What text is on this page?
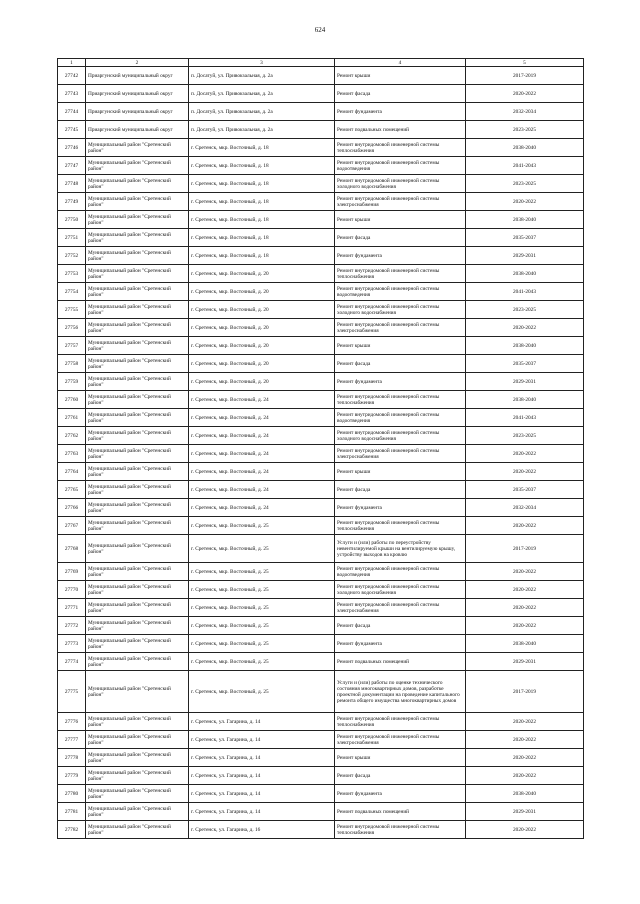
624
1	2	3	4	5
27742	Приаргунский муниципальный округ	п. Досатуй, ул. Привокзальная, д. 2а	Ремонт крыши	2017-2019
27743	Приаргунский муниципальный округ	п. Досатуй, ул. Привокзальная, д. 2а	Ремонт фасада	2020-2022
27744	Приаргунский муниципальный округ	п. Досатуй, ул. Привокзальная, д. 2а	Ремонт фундамента	2032-2034
27745	Приаргунский муниципальный округ	п. Досатуй, ул. Привокзальная, д. 2а	Ремонт подвальных помещений	2023-2025
27746	Муниципальный район "Сретенский район"	г. Сретенск, мкр. Восточный, д. 18	Ремонт внутридомовой инженерной системы теплоснабжения	2038-2040
27747	Муниципальный район "Сретенский район"	г. Сретенск, мкр. Восточный, д. 18	Ремонт внутридомовой инженерной системы водоотведения	2041-2043
27748	Муниципальный район "Сретенский район"	г. Сретенск, мкр. Восточный, д. 18	Ремонт внутридомовой инженерной системы холодного водоснабжения	2023-2025
27749	Муниципальный район "Сретенский район"	г. Сретенск, мкр. Восточный, д. 18	Ремонт внутридомовой инженерной системы электроснабжения	2020-2022
27750	Муниципальный район "Сретенский район"	г. Сретенск, мкр. Восточный, д. 18	Ремонт крыши	2038-2040
27751	Муниципальный район "Сретенский район"	г. Сретенск, мкр. Восточный, д. 18	Ремонт фасада	2035-2037
27752	Муниципальный район "Сретенский район"	г. Сретенск, мкр. Восточный, д. 18	Ремонт фундамента	2029-2031
27753	Муниципальный район "Сретенский район"	г. Сретенск, мкр. Восточный, д. 20	Ремонт внутридомовой инженерной системы теплоснабжения	2038-2040
27754	Муниципальный район "Сретенский район"	г. Сретенск, мкр. Восточный, д. 20	Ремонт внутридомовой инженерной системы водоотведения	2041-2043
27755	Муниципальный район "Сретенский район"	г. Сретенск, мкр. Восточный, д. 20	Ремонт внутридомовой инженерной системы холодного водоснабжения	2023-2025
27756	Муниципальный район "Сретенский район"	г. Сретенск, мкр. Восточный, д. 20	Ремонт внутридомовой инженерной системы электроснабжения	2020-2022
27757	Муниципальный район "Сретенский район"	г. Сретенск, мкр. Восточный, д. 20	Ремонт крыши	2038-2040
27758	Муниципальный район "Сретенский район"	г. Сретенск, мкр. Восточный, д. 20	Ремонт фасада	2035-2037
27759	Муниципальный район "Сретенский район"	г. Сретенск, мкр. Восточный, д. 20	Ремонт фундамента	2029-2031
27760	Муниципальный район "Сретенский район"	г. Сретенск, мкр. Восточный, д. 24	Ремонт внутридомовой инженерной системы теплоснабжения	2038-2040
27761	Муниципальный район "Сретенский район"	г. Сретенск, мкр. Восточный, д. 24	Ремонт внутридомовой инженерной системы водоотведения	2041-2043
27762	Муниципальный район "Сретенский район"	г. Сретенск, мкр. Восточный, д. 24	Ремонт внутридомовой инженерной системы холодного водоснабжения	2023-2025
27763	Муниципальный район "Сретенский район"	г. Сретенск, мкр. Восточный, д. 24	Ремонт внутридомовой инженерной системы электроснабжения	2020-2022
27764	Муниципальный район "Сретенский район"	г. Сретенск, мкр. Восточный, д. 24	Ремонт крыши	2020-2022
27765	Муниципальный район "Сретенский район"	г. Сретенск, мкр. Восточный, д. 24	Ремонт фасада	2035-2037
27766	Муниципальный район "Сретенский район"	г. Сретенск, мкр. Восточный, д. 24	Ремонт фундамента	2032-2034
27767	Муниципальный район "Сретенский район"	г. Сретенск, мкр. Восточный, д. 25	Ремонт внутридомовой инженерной системы теплоснабжения	2020-2022
27768	Муниципальный район "Сретенский район"	г. Сретенск, мкр. Восточный, д. 25	Услуги и (или) работы по переустройству невентилируемой крыши на вентилируемую крышу, устройству выходов на кровлю	2017-2019
27769	Муниципальный район "Сретенский район"	г. Сретенск, мкр. Восточный, д. 25	Ремонт внутридомовой инженерной системы водоотведения	2020-2022
27770	Муниципальный район "Сретенский район"	г. Сретенск, мкр. Восточный, д. 25	Ремонт внутридомовой инженерной системы холодного водоснабжения	2020-2022
27771	Муниципальный район "Сретенский район"	г. Сретенск, мкр. Восточный, д. 25	Ремонт внутридомовой инженерной системы электроснабжения	2020-2022
27772	Муниципальный район "Сретенский район"	г. Сретенск, мкр. Восточный, д. 25	Ремонт фасада	2020-2022
27773	Муниципальный район "Сретенский район"	г. Сретенск, мкр. Восточный, д. 25	Ремонт фундамента	2038-2040
27774	Муниципальный район "Сретенский район"	г. Сретенск, мкр. Восточный, д. 25	Ремонт подвальных помещений	2029-2031
27775	Муниципальный район "Сретенский район"	г. Сретенск, мкр. Восточный, д. 25	Услуги и (или) работы по оценке технического состояния многоквартирных домов, разработке проектной документации на проведение капитального ремонта общего имущества многоквартирных домов	2017-2019
27776	Муниципальный район "Сретенский район"	г. Сретенск, ул. Гагарина, д. 14	Ремонт внутридомовой инженерной системы теплоснабжения	2020-2022
27777	Муниципальный район "Сретенский район"	г. Сретенск, ул. Гагарина, д. 14	Ремонт внутридомовой инженерной системы электроснабжения	2020-2022
27778	Муниципальный район "Сретенский район"	г. Сретенск, ул. Гагарина, д. 14	Ремонт крыши	2020-2022
27779	Муниципальный район "Сретенский район"	г. Сретенск, ул. Гагарина, д. 14	Ремонт фасада	2020-2022
27780	Муниципальный район "Сретенский район"	г. Сретенск, ул. Гагарина, д. 14	Ремонт фундамента	2038-2040
27781	Муниципальный район "Сретенский район"	г. Сретенск, ул. Гагарина, д. 14	Ремонт подвальных помещений	2029-2031
27782	Муниципальный район "Сретенский район"	г. Сретенск, ул. Гагарина, д. 16	Ремонт внутридомовой инженерной системы теплоснабжения	2020-2022
